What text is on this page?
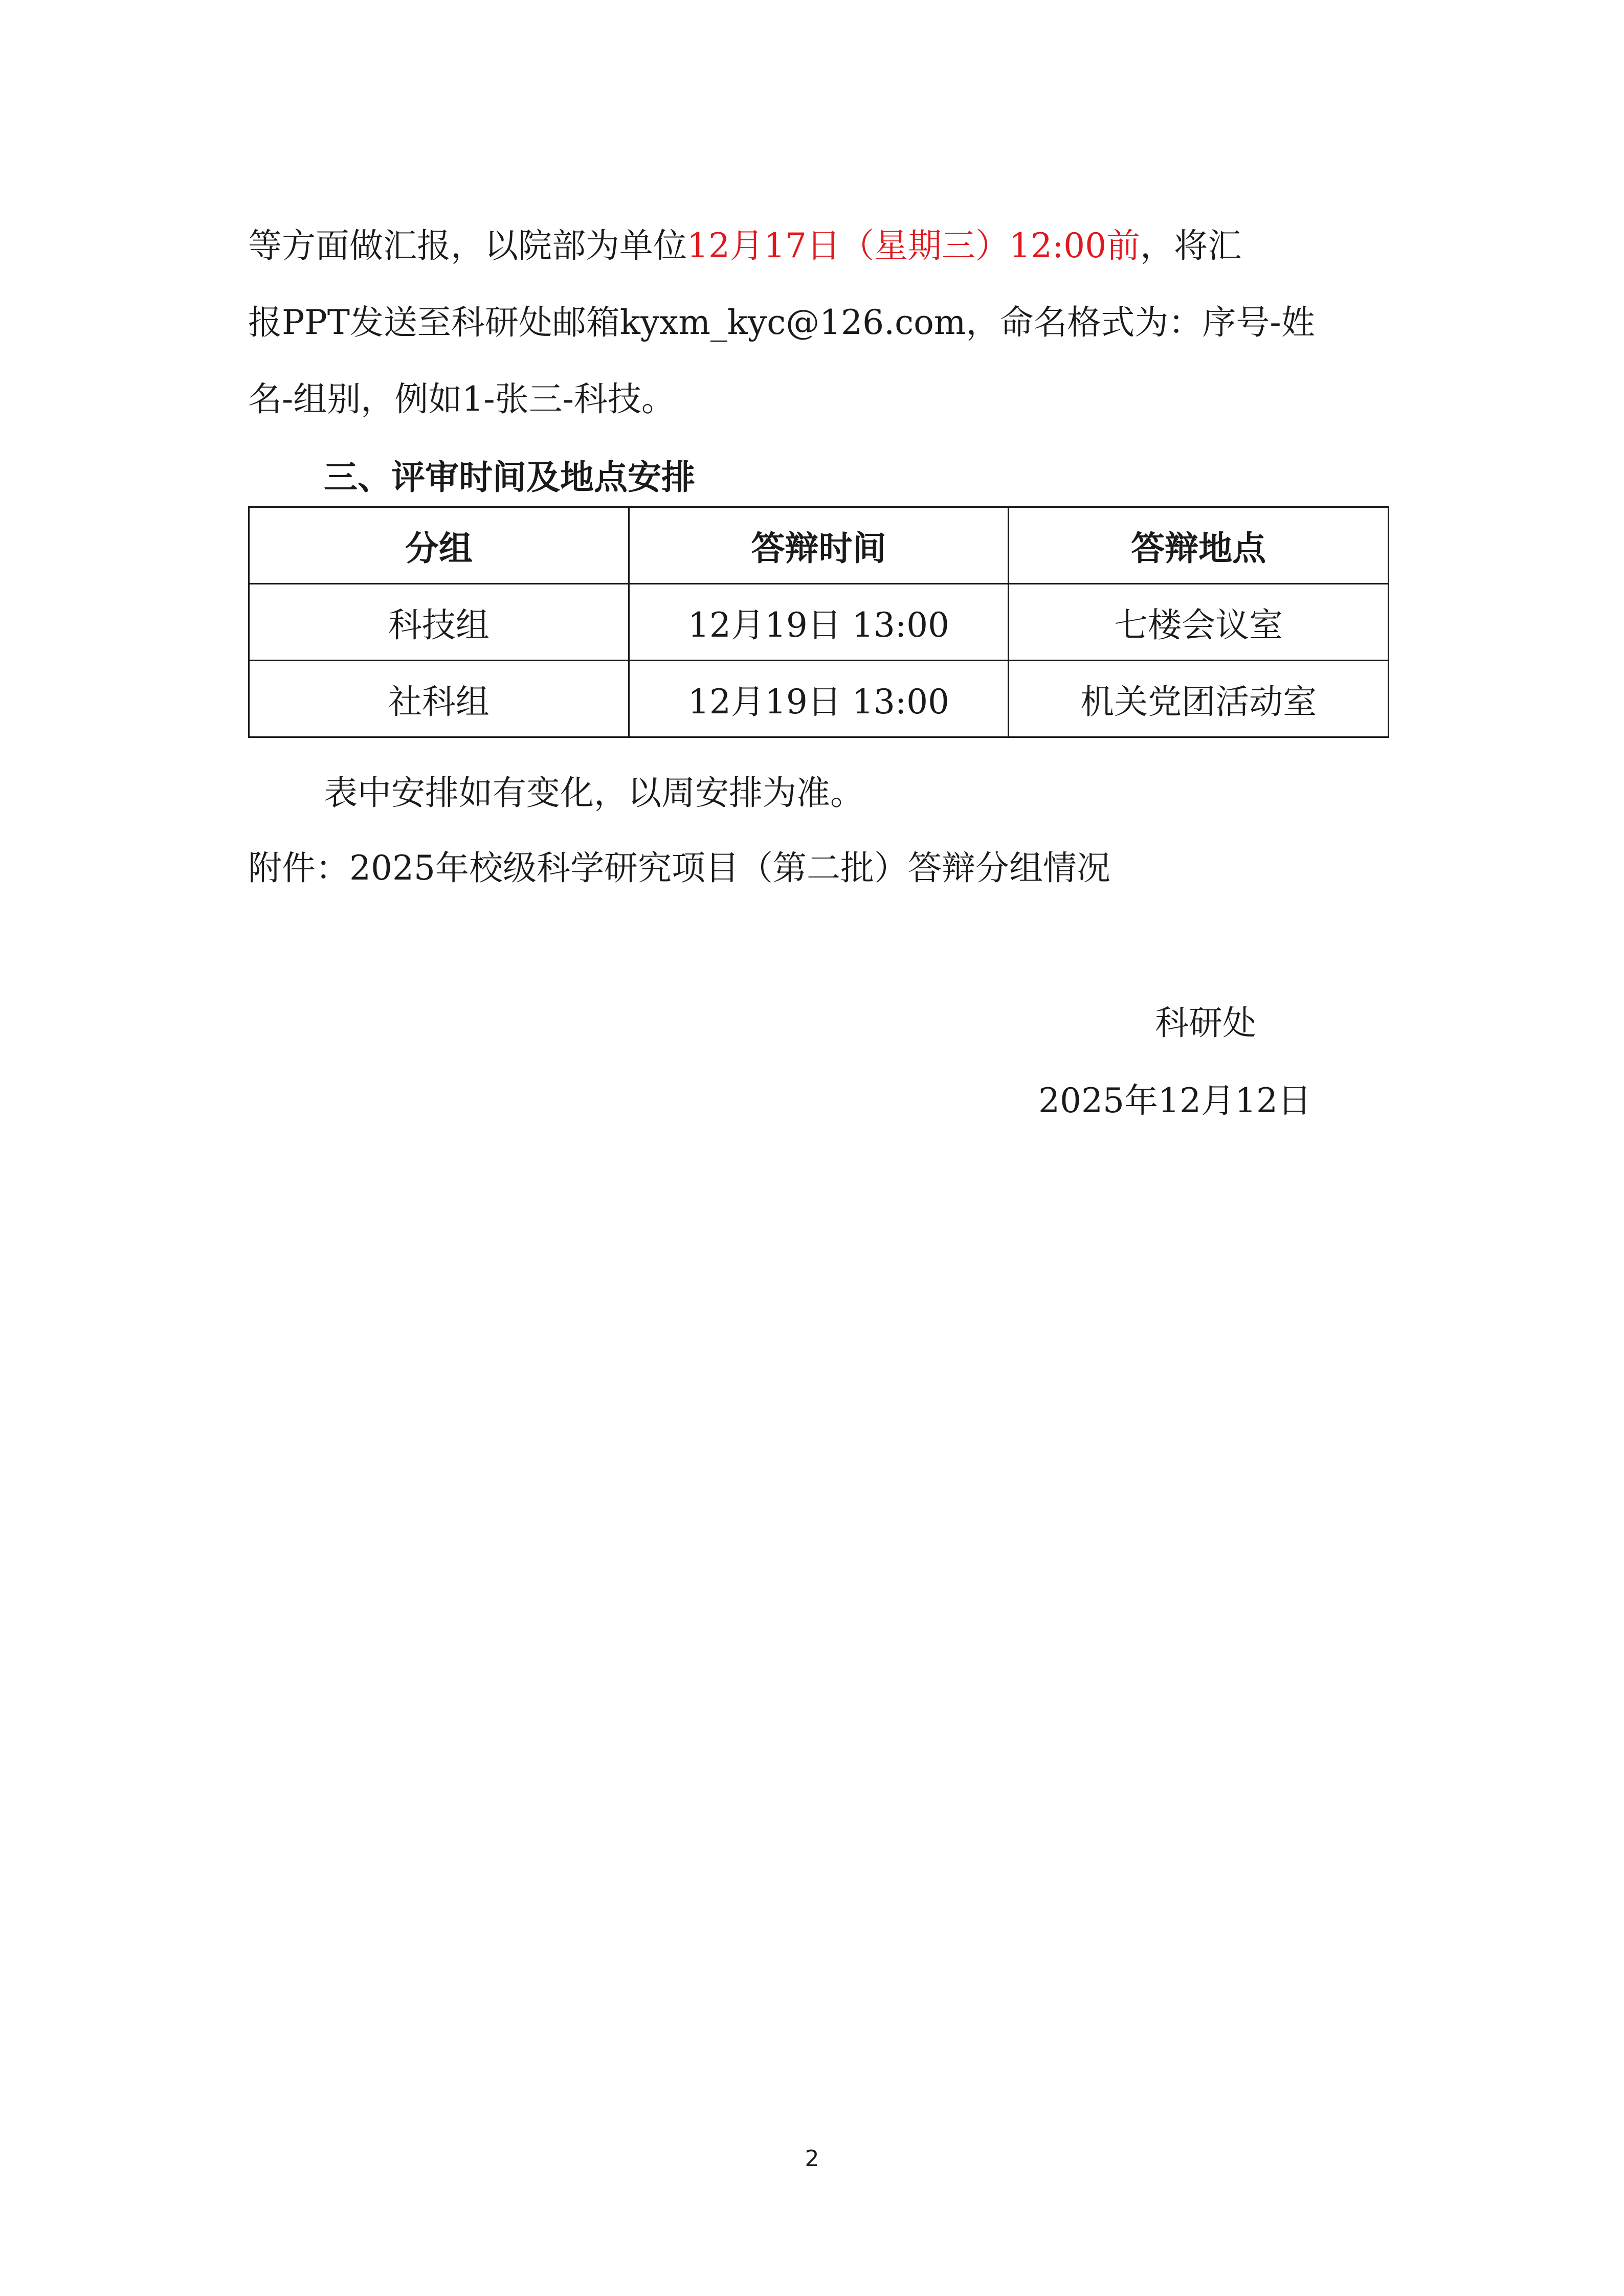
等方面做汇报，以院部为单位12月17日（星期三）12:00前，将汇
报PPT发送至科研处邮箱kyxm_kyc@126.com，命名格式为：序号-姓
名-组别，例如1-张三-科技。
三、评审时间及地点安排
分组	答辩时间	答辩地点
科技组	12月19日 13:00	七楼会议室
社科组	12月19日 13:00	机关党团活动室
表中安排如有变化，以周安排为准。
附件：2025年校级科学研究项目（第二批）答辩分组情况
科研处
2025年12月12日
2
